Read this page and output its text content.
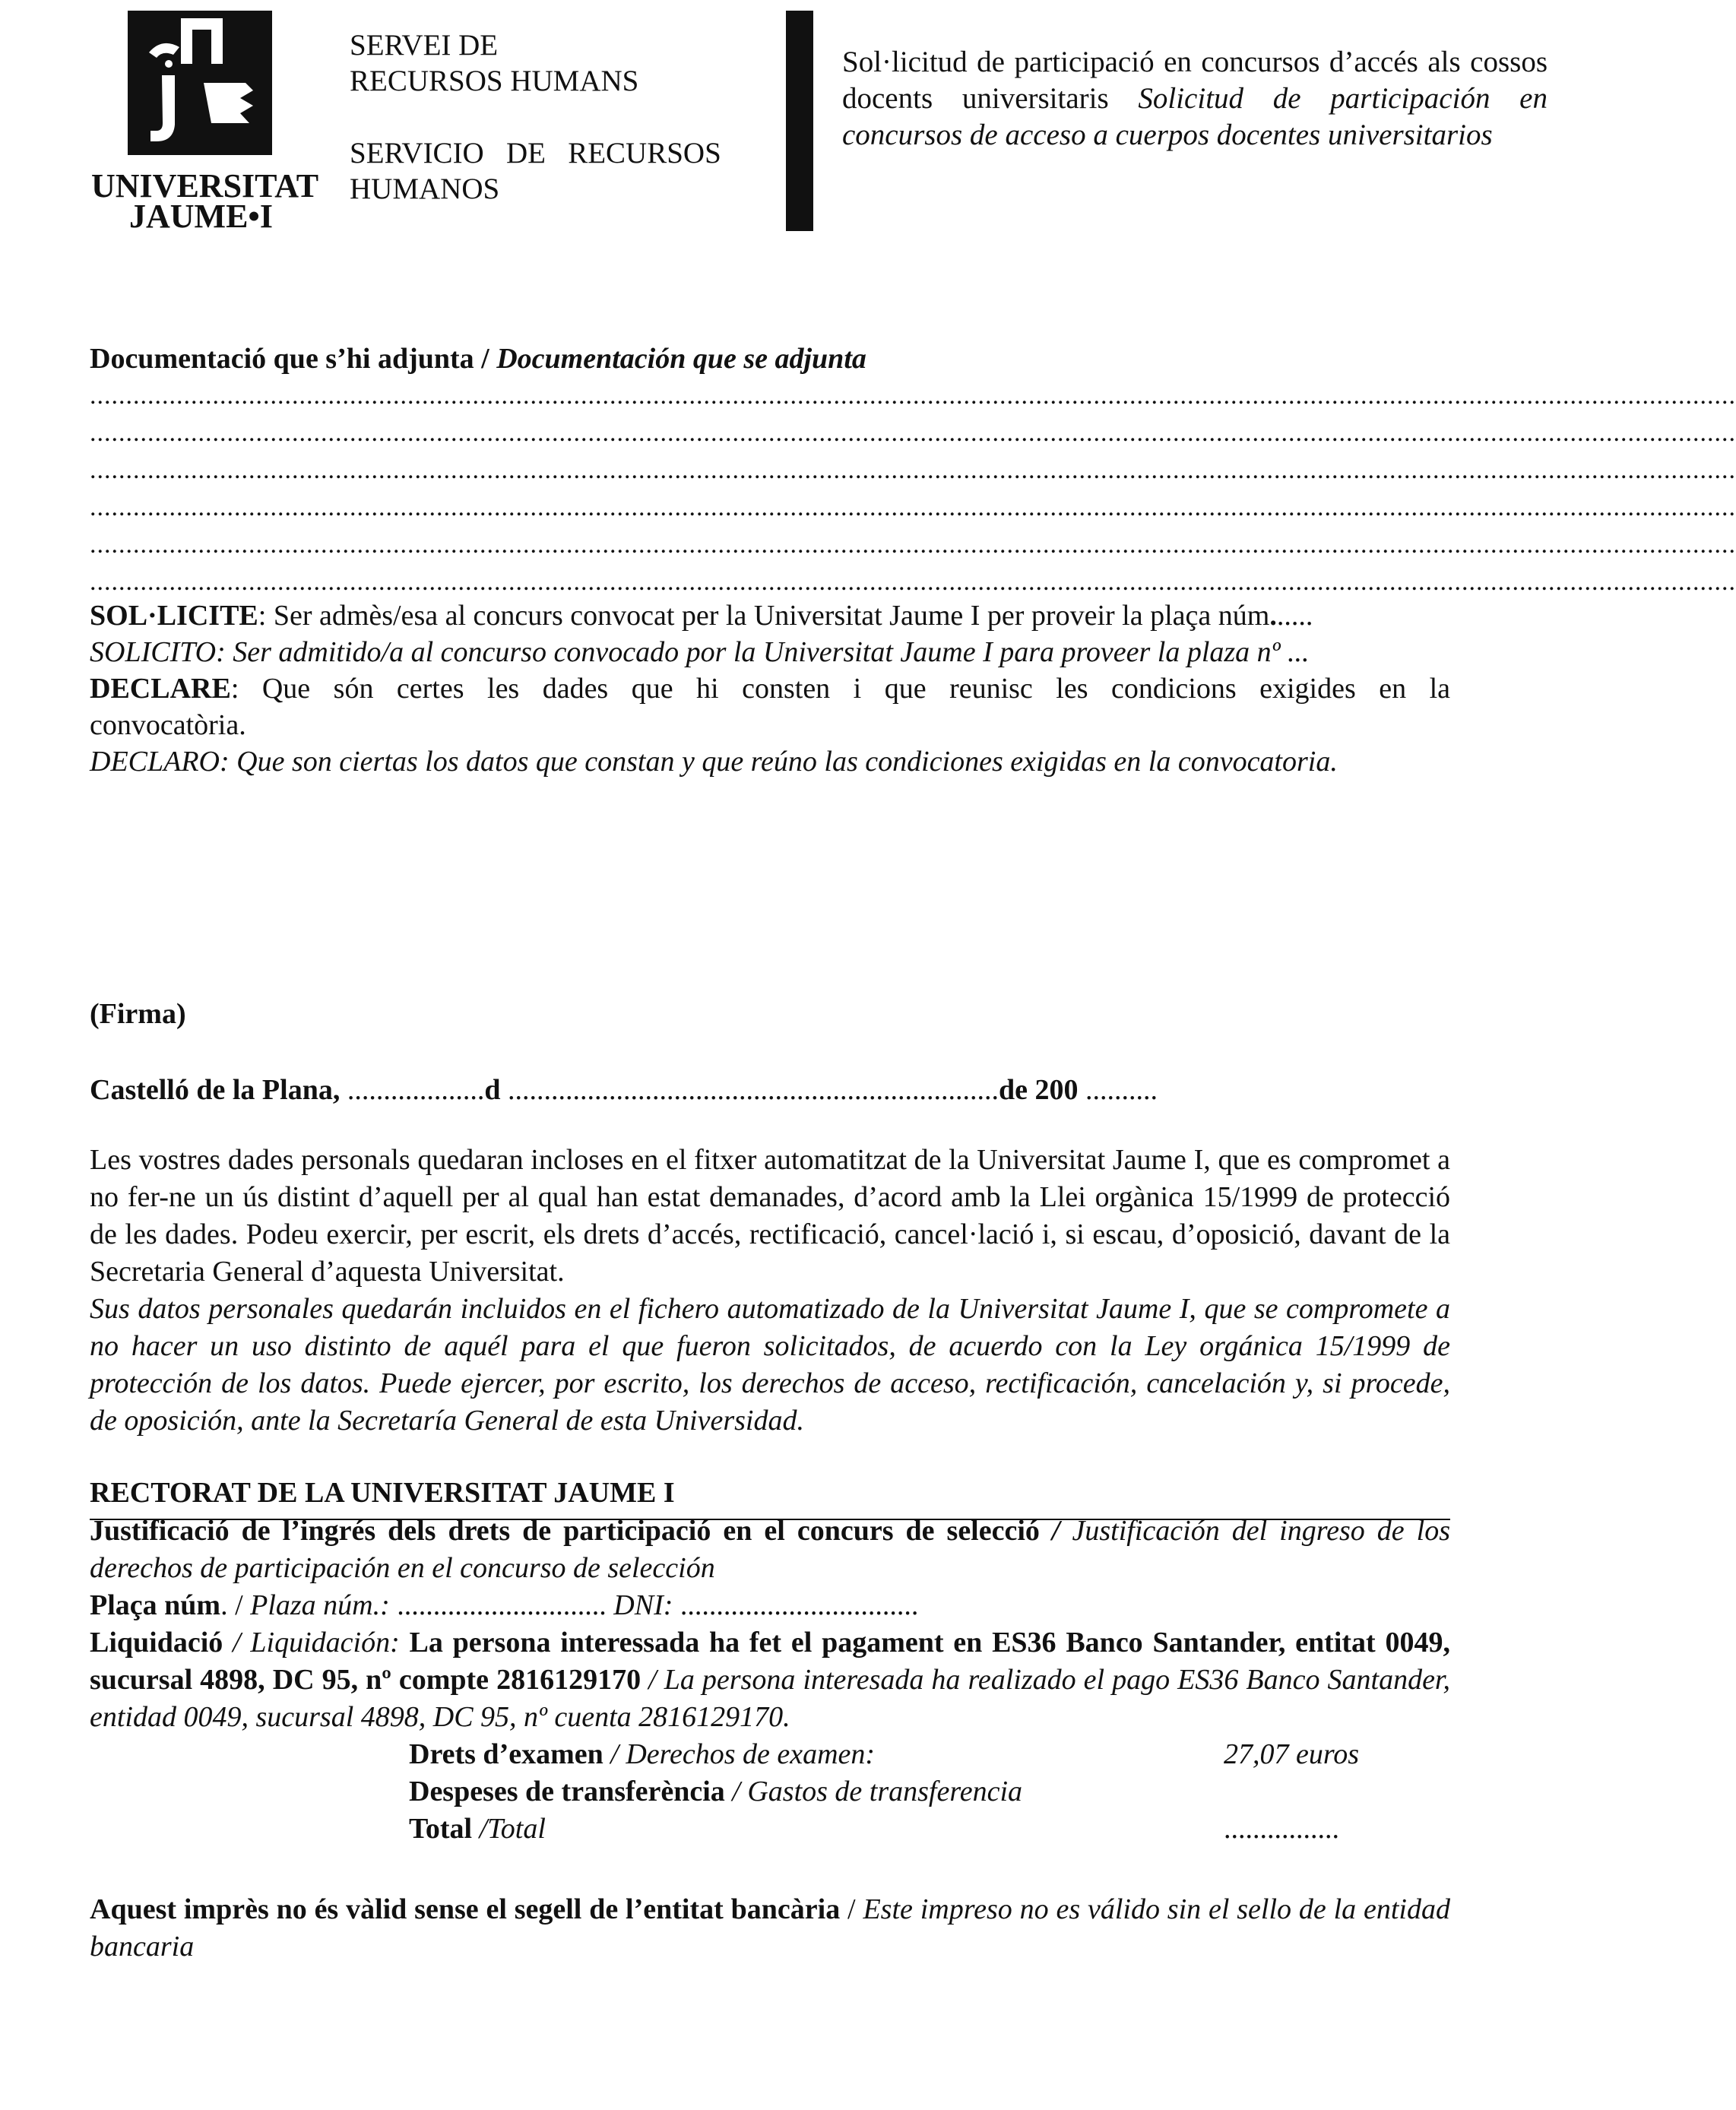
UNIVERSITAT
JAUME•I
SERVEI DE
RECURSOS HUMANS
SERVICIO   DE   RECURSOS
HUMANOS
Sol·licitud de participació en concursos d’accés als cossos docents universitaris Solicitud de participación en concursos de acceso a cuerpos docentes universitarios
Documentació que s’hi adjunta / Documentación que se adjunta
....................................................................................................................................................................................................................................
....................................................................................................................................................................................................................................
....................................................................................................................................................................................................................................
....................................................................................................................................................................................................................................
....................................................................................................................................................................................................................................
....................................................................................................................................................................................................................................
SOL·LICITE: Ser admès/esa al concurs convocat per la Universitat Jaume I per proveir la plaça núm......
SOLICITO: Ser admitido/a al concurso convocado por la Universitat Jaume I para proveer la plaza nº ...
DECLARE: Que són certes les dades que hi consten i que reunisc les condicions exigides en la
convocatòria.
DECLARO: Que son ciertas los datos que constan y que reúno las condiciones exigidas en la convocatoria.
(Firma)
Castelló de la Plana, ...................d ....................................................................de 200 ..........
Les vostres dades personals quedaran incloses en el fitxer automatitzat de la Universitat Jaume I, que es compromet a no fer-ne un ús distint d’aquell per al qual han estat demanades, d’acord amb la Llei orgànica 15/1999 de protecció de les dades. Podeu exercir, per escrit, els drets d’accés, rectificació, cancel·lació i, si escau, d’oposició, davant de la Secretaria General d’aquesta Universitat.
Sus datos personales quedarán incluidos en el fichero automatizado de la Universitat Jaume I, que se compromete a no hacer un uso distinto de aquél para el que fueron solicitados, de acuerdo con la Ley orgánica 15/1999 de protección de los datos. Puede ejercer, por escrito, los derechos de acceso, rectificación, cancelación y, si procede, de oposición, ante la Secretaría General de esta Universidad.
RECTORAT DE LA UNIVERSITAT JAUME I
Justificació de l’ingrés dels drets de participació en el concurs de selecció / Justificación del ingreso de los derechos de participación en el concurso de selección
Plaça núm. / Plaza núm.: ............................. DNI: .................................
Liquidació / Liquidación: La persona interessada ha fet el pagament en ES36 Banco Santander, entitat 0049, sucursal 4898, DC 95, nº compte 2816129170 / La persona interesada ha realizado el pago ES36 Banco Santander, entidad 0049, sucursal 4898, DC 95, nº cuenta 2816129170.
Drets d’examen / Derechos de examen:	27,07 euros
Despeses de transferència / Gastos de transferencia
Total /Total	................
Aquest imprès no és vàlid sense el segell de l’entitat bancària / Este impreso no es válido sin el sello de la entidad bancaria
